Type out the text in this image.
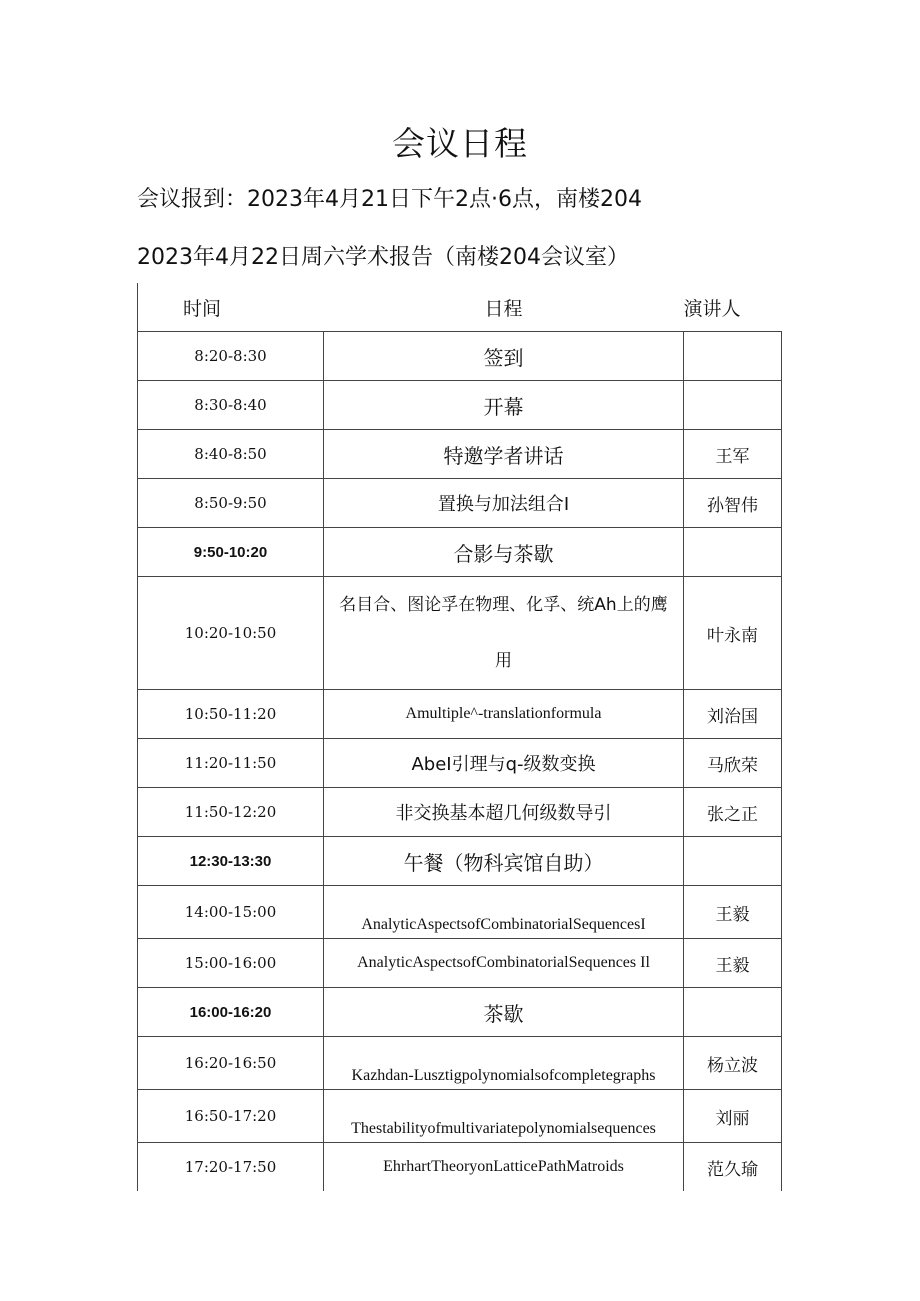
会议日程
会议报到：2023年4月21日下午2点·6点，南楼204
2023年4月22日周六学术报告（南楼204会议室）
时间	日程	演讲人
8:20-8:30	签到	
8:30-8:40	开幕	
8:40-8:50	特邀学者讲话	王军
8:50-9:50	置换与加法组合I	孙智伟
9:50-10:20	合影与茶歇	
10:20-10:50	名目合、图论孚在物理、化孚、统Ah上的鹰用	叶永南
10:50-11:20	Amultiple^-translationformula	刘治国
11:20-11:50	AbeI引理与q-级数变换	马欣荣
11:50-12:20	非交换基本超几何级数导引	张之正
12:30-13:30	午餐（物科宾馆自助）	
14:00-15:00	AnalyticAspectsofCombinatorialSequencesI	王毅
15:00-16:00	AnalyticAspectsofCombinatorialSequences Il	王毅
16:00-16:20	茶歇	
16:20-16:50	Kazhdan-Lusztigpolynomialsofcompletegraphs	杨立波
16:50-17:20	Thestabilityofmultivariatepolynomialsequences	刘丽
17:20-17:50	EhrhartTheoryonLatticePathMatroids	范久瑜
